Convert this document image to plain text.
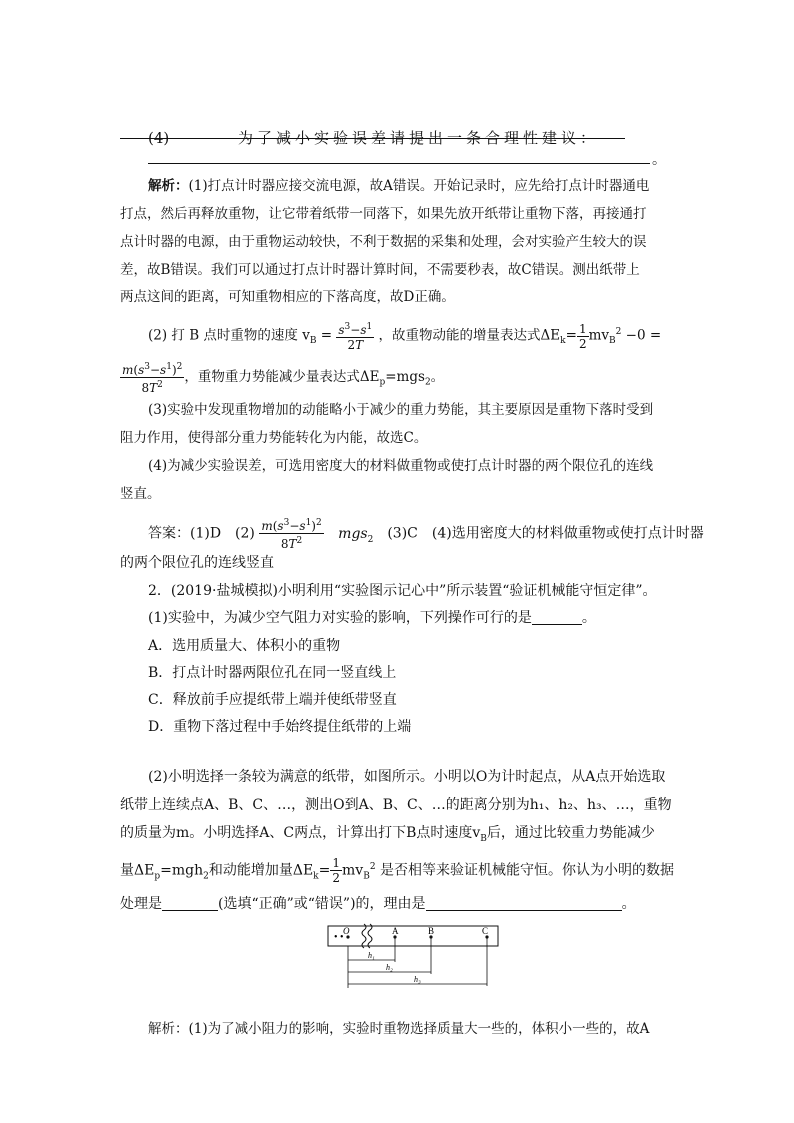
(4)	为了减小实验误差请提出一条合理性建议：
。
解析：(1)打点计时器应接交流电源，故A错误。开始记录时，应先给打点计时器通电
打点，然后再释放重物，让它带着纸带一同落下，如果先放开纸带让重物下落，再接通打
点计时器的电源，由于重物运动较快，不利于数据的采集和处理，会对实验产生较大的误
差，故B错误。我们可以通过打点计时器计算时间，不需要秒表，故C错误。测出纸带上
两点这间的距离，可知重物相应的下落高度，故D正确。
(2) 打 B 点时重物的速度 $v_B = \frac{s^3-s^1}{2T}$ ，故重物动能的增量表达式$\Delta E_k= \frac{1}{2} mv_B^2 -0$ =
$\frac{m(s^3-s^1)^2}{8T^2}$ ，重物重力势能减少量表达式$\Delta E_p=mgs_2$。
(3)实验中发现重物增加的动能略小于减少的重力势能，其主要原因是重物下落时受到
阻力作用，使得部分重力势能转化为内能，故选C。
(4)为减少实验误差，可选用密度大的材料做重物或使打点计时器的两个限位孔的连线
竖直。
答案：(1)D　$(2) \frac{m(s^3-s^1)^2}{8T^2} mgs_2$　(3)C　(4)选用密度大的材料做重物或使打点计时器
的两个限位孔的连线竖直
2．(2019·盐城模拟)小明利用“实验图示记心中”所示装置“验证机械能守恒定律”。
(1)实验中，为减少空气阻力对实验的影响，下列操作可行的是	。
A．选用质量大、体积小的重物
B．打点计时器两限位孔在同一竖直线上
C．释放前手应提纸带上端并使纸带竖直
D．重物下落过程中手始终提住纸带的上端
(2)小明选择一条较为满意的纸带，如图所示。小明以O为计时起点，从A点开始选取
纸带上连续点A、B、C、…，测出O到A、B、C、…的距离分别为h₁、h₂、h₃、…，重物
的质量为m。小明选择A、C两点，计算出打下B点时速度$v_B$后，通过比较重力势能减少
量$\Delta E_p=mgh_2$和动能增加量$\Delta E_k= \frac{1}{2} mv_B^2$ 是否相等来验证机械能守恒。你认为小明的数据
处理是	(选填“正确”或“错误”)的，理由是	。
• •
O	A	B	C
h₁
h₂
h₃
解析：(1)为了减小阻力的影响，实验时重物选择质量大一些的，体积小一些的，故A
